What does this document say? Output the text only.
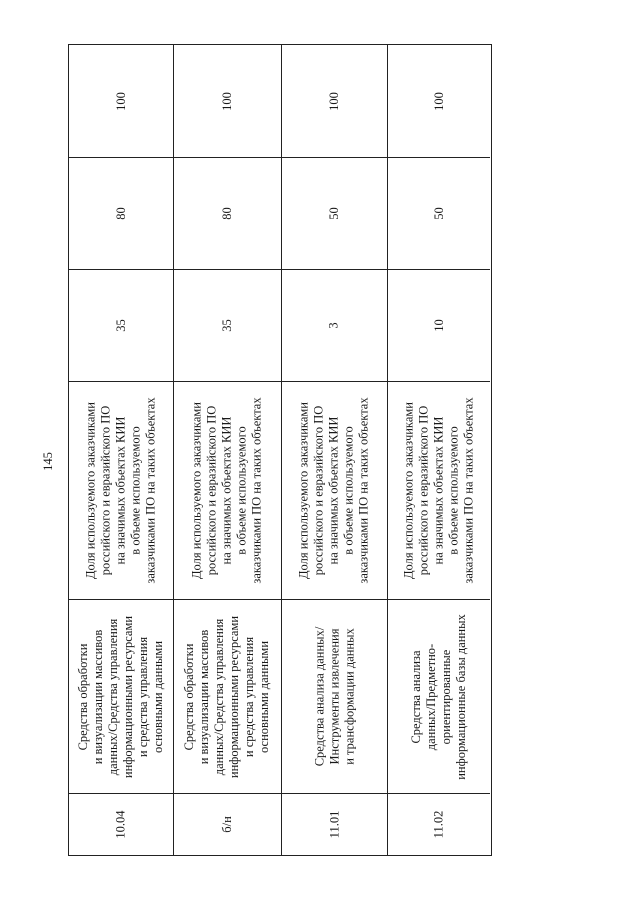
145
100
80
35
Доля используемого заказчиками российского и евразийского ПО на значимых объектах КИИ в объеме используемого заказчиками ПО на таких объектах
Средства обработки и визуализации массивов данных/Средства управления информационными ресурсами и средства управления основными данными
10.04
100
80
35
Доля используемого заказчиками российского и евразийского ПО на значимых объектах КИИ в объеме используемого заказчиками ПО на таких объектах
Средства обработки и визуализации массивов данных/Средства управления информационными ресурсами и средства управления основными данными
б/н
100
50
3
Доля используемого заказчиками российского и евразийского ПО на значимых объектах КИИ в объеме используемого заказчиками ПО на таких объектах
Средства анализа данных/ Инструменты извлечения и трансформации данных
11.01
100
50
10
Доля используемого заказчиками российского и евразийского ПО на значимых объектах КИИ в объеме используемого заказчиками ПО на таких объектах
Средства анализа данных/Предметно- ориентированные информационные базы данных
11.02
